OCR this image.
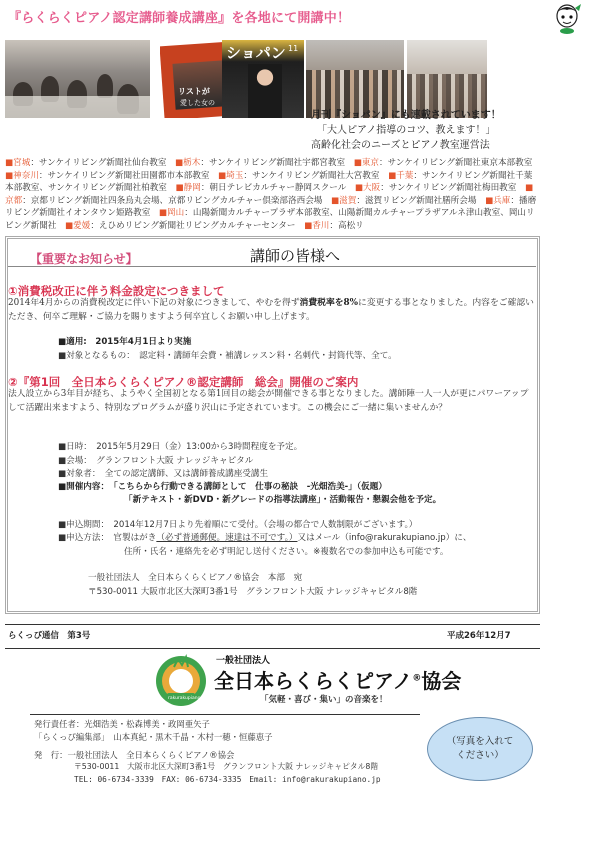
『らくらくピアノ認定講師養成講座』を各地にて開講中！
ショパン 11
リストが
愛した女の
月刊『ショパン』にも連載されています！
「大人ピアノ指導のコツ、教えます！」
高齢化社会のニーズとピアノ教室運営法
■宮城：サンケイリビング新聞社仙台教室　■栃木：サンケイリビング新聞社宇都宮教室　■東京：サンケイリビング新聞社東京本部教室　■神奈川：サンケイリビング新聞社田園都市本部教室　■埼玉：サンケイリビング新聞社大宮教室　■千葉：サンケイリビング新聞社千葉本部教室、サンケイリビング新聞社柏教室　■静岡：朝日テレビカルチャー静岡スクール　■大阪：サンケイリビング新聞社梅田教室　■京都：京都リビング新聞社四条烏丸会場、京都リビングカルチャー倶楽部洛西会場　■滋賀：滋賀リビング新聞社膳所会場　■兵庫：播磨リビング新聞社イオンタウン姫路教室　■岡山：山陽新聞カルチャープラザ本部教室、山陽新聞カルチャープラザアルネ津山教室、岡山リビング新聞社　■愛媛：えひめリビング新聞社リビングカルチャーセンター　■香川：高松リ
【重要なお知らせ】	講師の皆様へ
①消費税改正に伴う料金設定につきまして
2014年4月からの消費税改定に伴い下記の対象につきまして、やむを得ず消費税率を8%に変更する事となりました。内容をご確認いただき、何卒ご理解・ご協力を賜りますよう何卒宜しくお願い申し上げます。
■適用:　2015年4月1日より実施
■対象となるもの：　認定料・講師年会費・補講レッスン料・名刺代・封筒代等、全て。
②『第1回　全日本らくらくピアノ®認定講師　総会』開催のご案内
法人設立から3年目が経ち、ようやく全国初となる第1回目の総会が開催できる事となりました。講師陣一人一人が更にパワーアップして活躍出来ますよう、特別なプログラムが盛り沢山に予定されています。この機会にご一緒に集いませんか？
■日時：　2015年5月29日（金）13:00から3時間程度を予定。
■会場：　グランフロント大阪 ナレッジキャピタル
■対象者：　全ての認定講師、又は講師養成講座受講生
■開催内容：　「こちらから行動できる講師として　仕事の秘訣　-光畑浩美-」（仮題）
「新テキスト・新DVD・新グレードの指導法講座」・活動報告・懇親会他を予定。
■申込期間：　2014年12月7日より先着順にて受付。（会場の都合で人数制限がございます。）
■申込方法：　官製はがき（必ず普通郵便。速達は不可です。）又はメール（info@rakurakupiano.jp）に、
住所・氏名・連絡先を必ず明記し送付ください。※複数名での参加申込も可能です。
一般社団法人　全日本らくらくピアノ®協会　本部　宛
〒530-0011 大阪市北区大深町3番1号　グランフロント大阪 ナレッジキャピタル8階
らくっぴ通信　第3号	平成26年12月7
rakurakupiano
一般社団法人
全日本らくらくピアノ®協会
「気軽・喜び・集い」の音楽を！
発行責任者：光畑浩美・松森博美・政岡亜矢子
「らくっぴ編集部」　山本真紀・黒木千晶・木村一穂・恒藤恵子
発　行：一般社団法人　全日本らくらくピアノ®協会
〒530-0011　大阪市北区大深町3番1号　グランフロント大阪 ナレッジキャピタル8階
TEL: 06-6734-3339　FAX: 06-6734-3335　Email: info@rakurakupiano.jp
（写真を入れて
ください）
